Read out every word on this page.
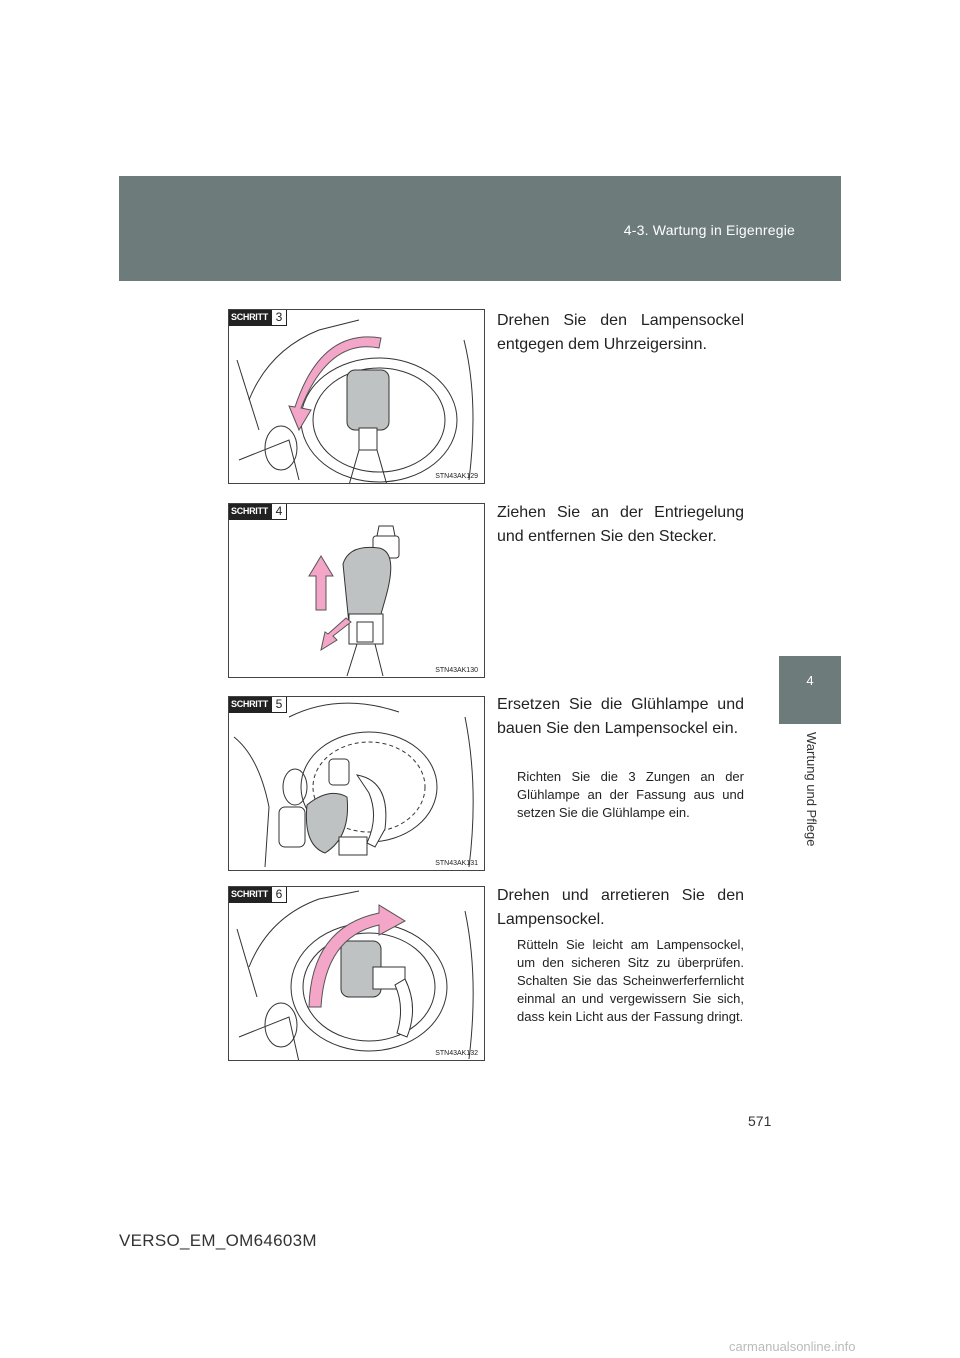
4-3. Wartung in Eigenregie
4
Wartung und Pflege
SCHRITT 3
STN43AK129
Drehen Sie den Lampensockel entgegen dem Uhrzeigersinn.
SCHRITT 4
STN43AK130
Ziehen Sie an der Entriegelung und entfernen Sie den Stecker.
SCHRITT 5
STN43AK131
Ersetzen Sie die Glühlampe und bauen Sie den Lampensockel ein.
Richten Sie die 3 Zungen an der Glühlampe an der Fassung aus und setzen Sie die Glühlampe ein.
SCHRITT 6
STN43AK132
Drehen und arretieren Sie den Lampensockel.
Rütteln Sie leicht am Lampensockel, um den sicheren Sitz zu überprüfen. Schalten Sie das Scheinwerferfernlicht einmal an und vergewissern Sie sich, dass kein Licht aus der Fassung dringt.
571
VERSO_EM_OM64603M
carmanualsonline.info
